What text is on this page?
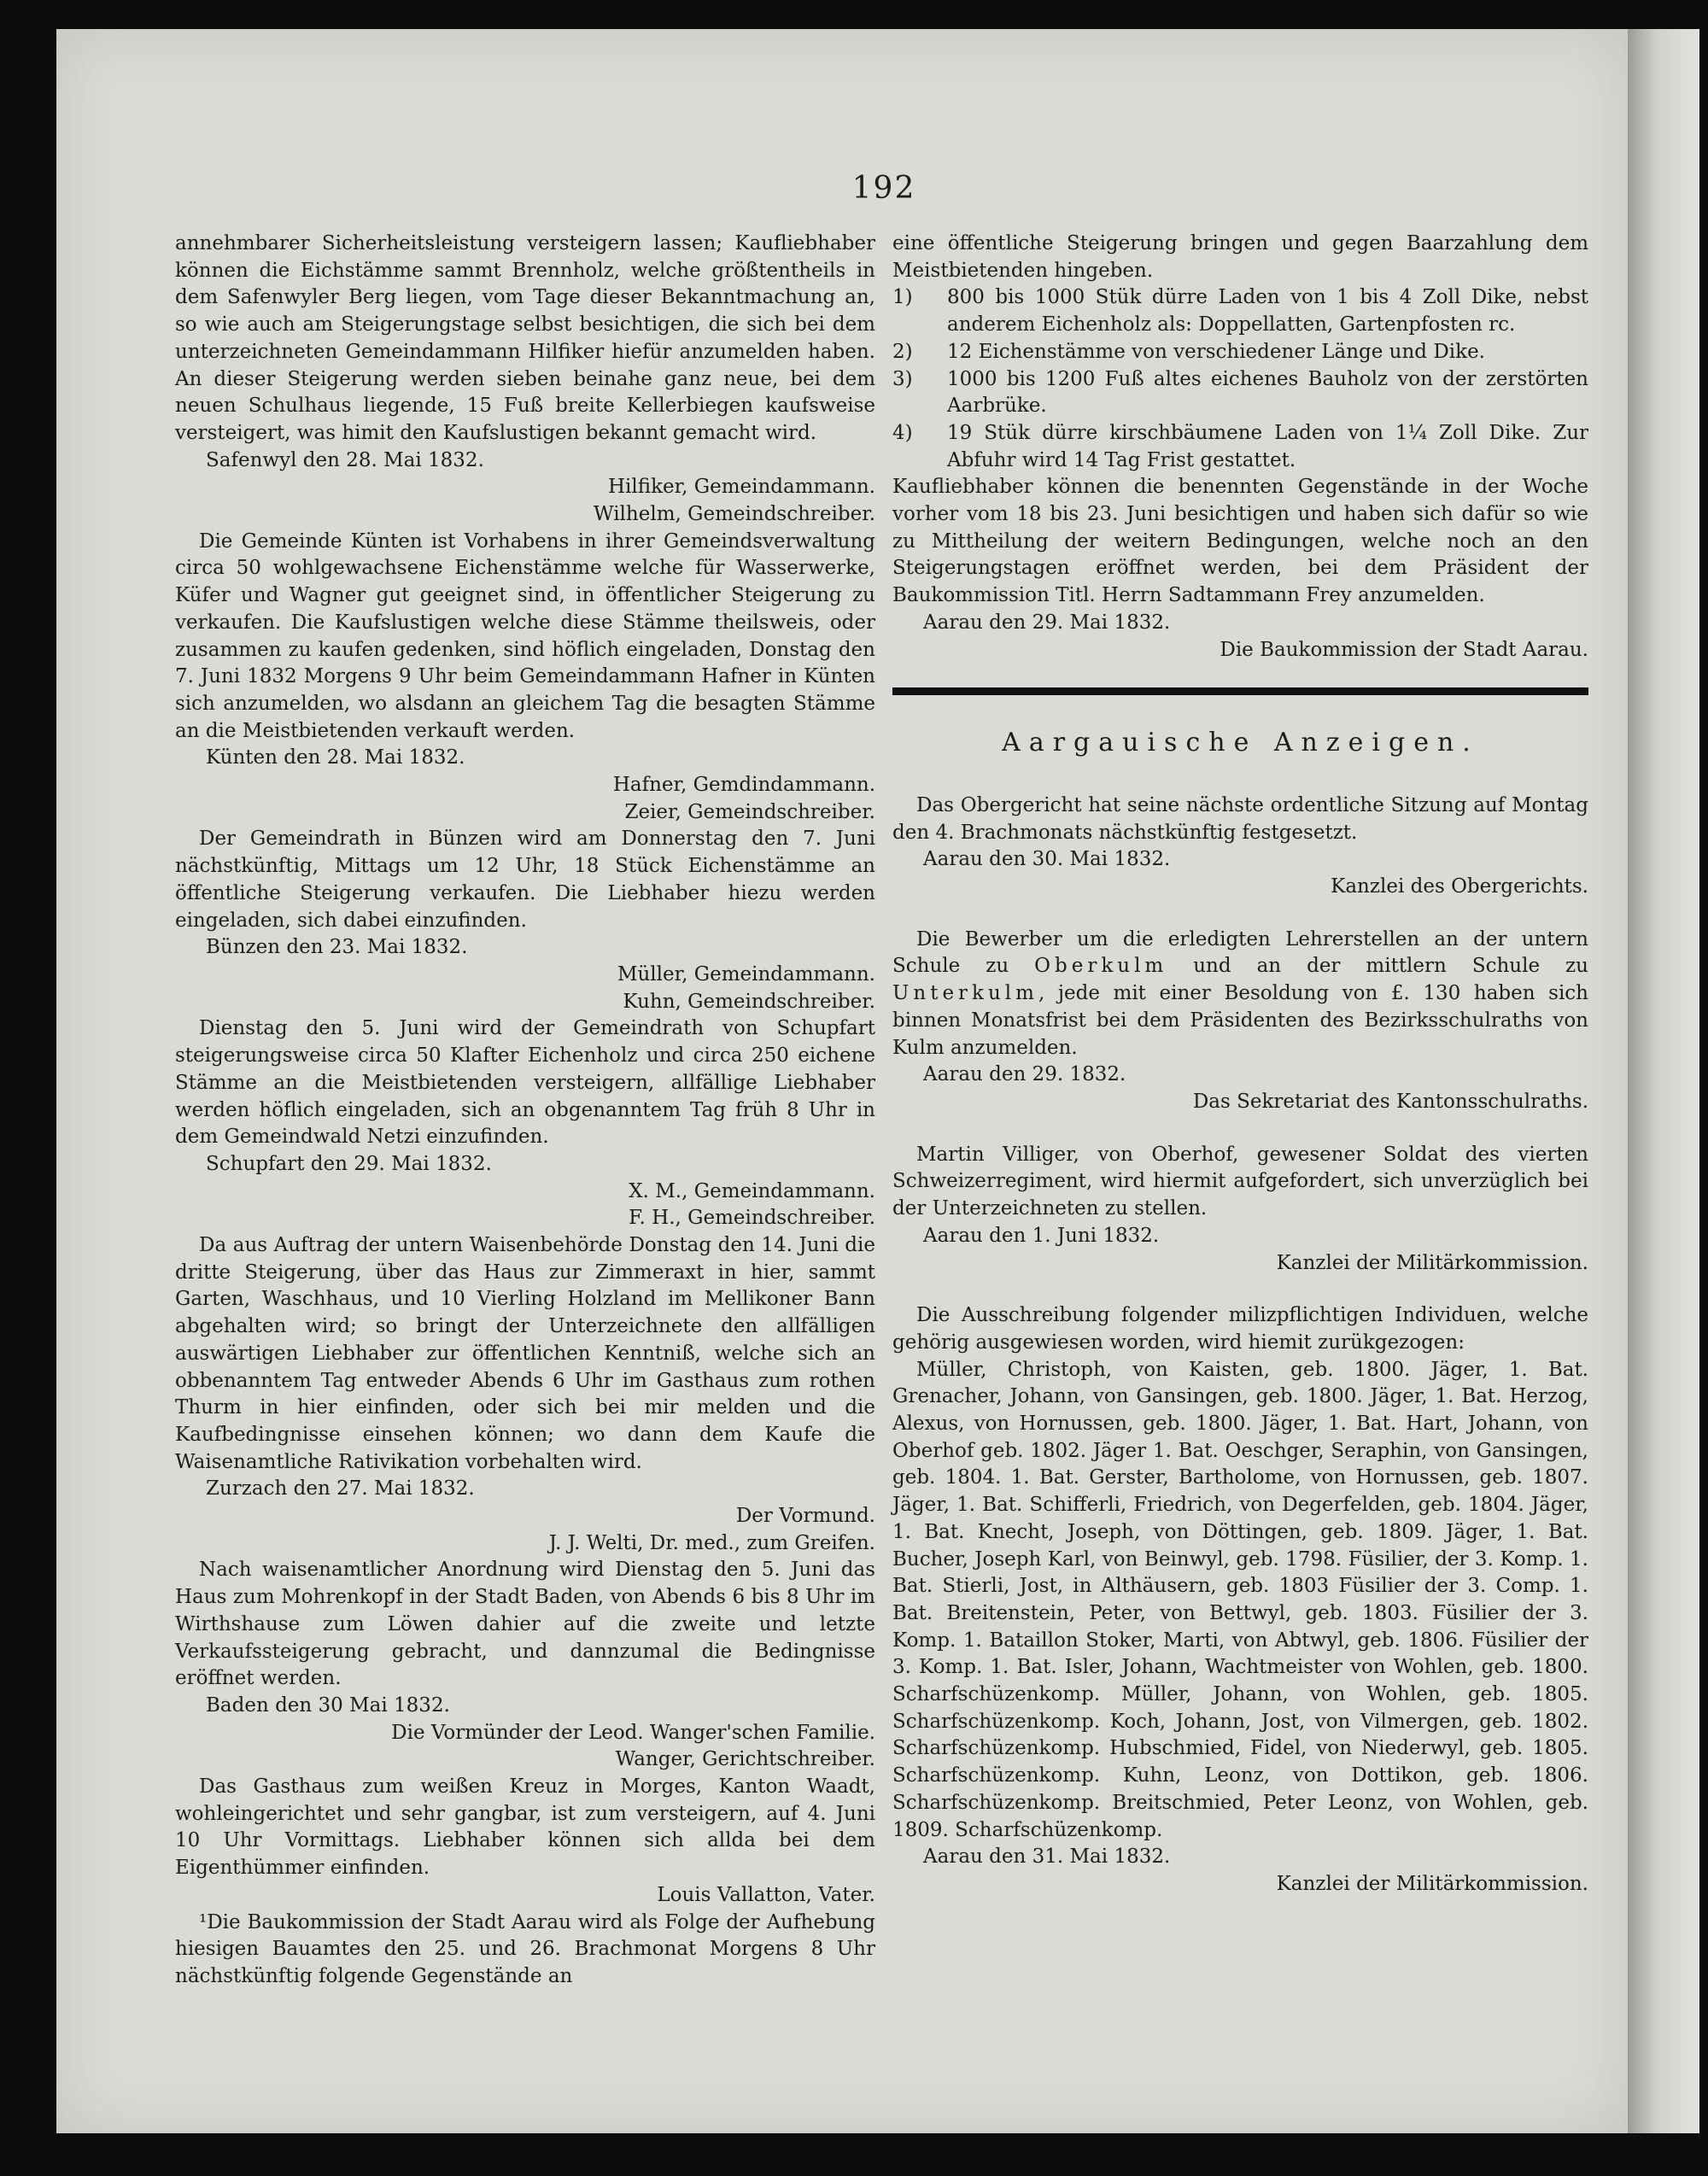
192

annehmbarer Sicherheitsleistung versteigern lassen; Kaufliebhaber können die Eichstämme sammt Brennholz, welche größtentheils in dem Safenwyler Berg liegen, vom Tage dieser Bekanntmachung an, so wie auch am Steigerungstage selbst besichtigen, die sich bei dem unterzeichneten Gemeindammann Hilfiker hiefür anzumelden haben. An dieser Steigerung werden sieben beinahe ganz neue, bei dem neuen Schulhaus liegende, 15 Fuß breite Kellerbiegen kaufsweise versteigert, was himit den Kaufslustigen bekannt gemacht wird.

Safenwyl den 28. Mai 1832.

Hilfiker, Gemeindammann.

Wilhelm, Gemeindschreiber.

Die Gemeinde Künten ist Vorhabens in ihrer Gemeindsverwaltung circa 50 wohlgewachsene Eichenstämme welche für Wasserwerke, Küfer und Wagner gut geeignet sind, in öffentlicher Steigerung zu verkaufen. Die Kaufslustigen welche diese Stämme theilsweis, oder zusammen zu kaufen gedenken, sind höflich eingeladen, Donstag den 7. Juni 1832 Morgens 9 Uhr beim Gemeindammann Hafner in Künten sich anzumelden, wo alsdann an gleichem Tag die besagten Stämme an die Meistbietenden verkauft werden.

Künten den 28. Mai 1832.

Hafner, Gemdindammann.

Zeier, Gemeindschreiber.

Der Gemeindrath in Bünzen wird am Donnerstag den 7. Juni nächstkünftig, Mittags um 12 Uhr, 18 Stück Eichenstämme an öffentliche Steigerung verkaufen. Die Liebhaber hiezu werden eingeladen, sich dabei einzufinden.

Bünzen den 23. Mai 1832.

Müller, Gemeindammann.

Kuhn, Gemeindschreiber.

Dienstag den 5. Juni wird der Gemeindrath von Schupfart steigerungsweise circa 50 Klafter Eichenholz und circa 250 eichene Stämme an die Meistbietenden versteigern, allfällige Liebhaber werden höflich eingeladen, sich an obgenanntem Tag früh 8 Uhr in dem Gemeindwald Netzi einzufinden.

Schupfart den 29. Mai 1832.

X. M., Gemeindammann.

F. H., Gemeindschreiber.

Da aus Auftrag der untern Waisenbehörde Donstag den 14. Juni die dritte Steigerung, über das Haus zur Zimmeraxt in hier, sammt Garten, Waschhaus, und 10 Vierling Holzland im Mellikoner Bann abgehalten wird; so bringt der Unterzeichnete den allfälligen auswärtigen Liebhaber zur öffentlichen Kenntniß, welche sich an obbenanntem Tag entweder Abends 6 Uhr im Gasthaus zum rothen Thurm in hier einfinden, oder sich bei mir melden und die Kaufbedingnisse einsehen können; wo dann dem Kaufe die Waisenamtliche Rativikation vorbehalten wird.

Zurzach den 27. Mai 1832.

Der Vormund.

J. J. Welti, Dr. med., zum Greifen.

Nach waisenamtlicher Anordnung wird Dienstag den 5. Juni das Haus zum Mohrenkopf in der Stadt Baden, von Abends 6 bis 8 Uhr im Wirthshause zum Löwen dahier auf die zweite und letzte Verkaufssteigerung gebracht, und dannzumal die Bedingnisse eröffnet werden.

Baden den 30 Mai 1832.

Die Vormünder der Leod. Wanger'schen Familie.

Wanger, Gerichtschreiber.

Das Gasthaus zum weißen Kreuz in Morges, Kanton Waadt, wohleingerichtet und sehr gangbar, ist zum versteigern, auf 4. Juni 10 Uhr Vormittags. Liebhaber können sich allda bei dem Eigenthümmer einfinden.

Louis Vallatton, Vater.

¹Die Baukommission der Stadt Aarau wird als Folge der Aufhebung hiesigen Bauamtes den 25. und 26. Brachmonat Morgens 8 Uhr nächstkünftig folgende Gegenstände an

eine öffentliche Steigerung bringen und gegen Baarzahlung dem Meistbietenden hingeben.

1)	800 bis 1000 Stük dürre Laden von 1 bis 4 Zoll Dike, nebst anderem Eichenholz als: Doppellatten, Gartenpfosten rc.
2)	12 Eichenstämme von verschiedener Länge und Dike.
3)	1000 bis 1200 Fuß altes eichenes Bauholz von der zerstörten Aarbrüke.
4)	19 Stük dürre kirschbäumene Laden von 1¼ Zoll Dike. Zur Abfuhr wird 14 Tag Frist gestattet.

Kaufliebhaber können die benennten Gegenstände in der Woche vorher vom 18 bis 23. Juni besichtigen und haben sich dafür so wie zu Mittheilung der weitern Bedingungen, welche noch an den Steigerungstagen eröffnet werden, bei dem Präsident der Baukommission Titl. Herrn Sadtammann Frey anzumelden.

Aarau den 29. Mai 1832.

Die Baukommission der Stadt Aarau.

Aargauische Anzeigen.

Das Obergericht hat seine nächste ordentliche Sitzung auf Montag den 4. Brachmonats nächstkünftig festgesetzt.

Aarau den 30. Mai 1832.

Kanzlei des Obergerichts.

Die Bewerber um die erledigten Lehrerstellen an der untern Schule zu Oberkulm und an der mittlern Schule zu Unterkulm, jede mit einer Besoldung von £. 130 haben sich binnen Monatsfrist bei dem Präsidenten des Bezirksschulraths von Kulm anzumelden.

Aarau den 29. 1832.

Das Sekretariat des Kantonsschulraths.

Martin Villiger, von Oberhof, gewesener Soldat des vierten Schweizerregiment, wird hiermit aufgefordert, sich unverzüglich bei der Unterzeichneten zu stellen.

Aarau den 1. Juni 1832.

Kanzlei der Militärkommission.

Die Ausschreibung folgender milizpflichtigen Individuen, welche gehörig ausgewiesen worden, wird hiemit zurükgezogen:

Müller, Christoph, von Kaisten, geb. 1800. Jäger, 1. Bat. Grenacher, Johann, von Gansingen, geb. 1800. Jäger, 1. Bat. Herzog, Alexus, von Hornussen, geb. 1800. Jäger, 1. Bat. Hart, Johann, von Oberhof geb. 1802. Jäger 1. Bat. Oeschger, Seraphin, von Gansingen, geb. 1804. 1. Bat. Gerster, Bartholome, von Hornussen, geb. 1807. Jäger, 1. Bat. Schifferli, Friedrich, von Degerfelden, geb. 1804. Jäger, 1. Bat. Knecht, Joseph, von Döttingen, geb. 1809. Jäger, 1. Bat. Bucher, Joseph Karl, von Beinwyl, geb. 1798. Füsilier, der 3. Komp. 1. Bat. Stierli, Jost, in Althäusern, geb. 1803 Füsilier der 3. Comp. 1. Bat. Breitenstein, Peter, von Bettwyl, geb. 1803. Füsilier der 3. Komp. 1. Bataillon Stoker, Marti, von Abtwyl, geb. 1806. Füsilier der 3. Komp. 1. Bat. Isler, Johann, Wachtmeister von Wohlen, geb. 1800. Scharfschüzenkomp. Müller, Johann, von Wohlen, geb. 1805. Scharfschüzenkomp. Koch, Johann, Jost, von Vilmergen, geb. 1802. Scharfschüzenkomp. Hubschmied, Fidel, von Niederwyl, geb. 1805. Scharfschüzenkomp. Kuhn, Leonz, von Dottikon, geb. 1806. Scharfschüzenkomp. Breitschmied, Peter Leonz, von Wohlen, geb. 1809. Scharfschüzenkomp.

Aarau den 31. Mai 1832.

Kanzlei der Militärkommission.
